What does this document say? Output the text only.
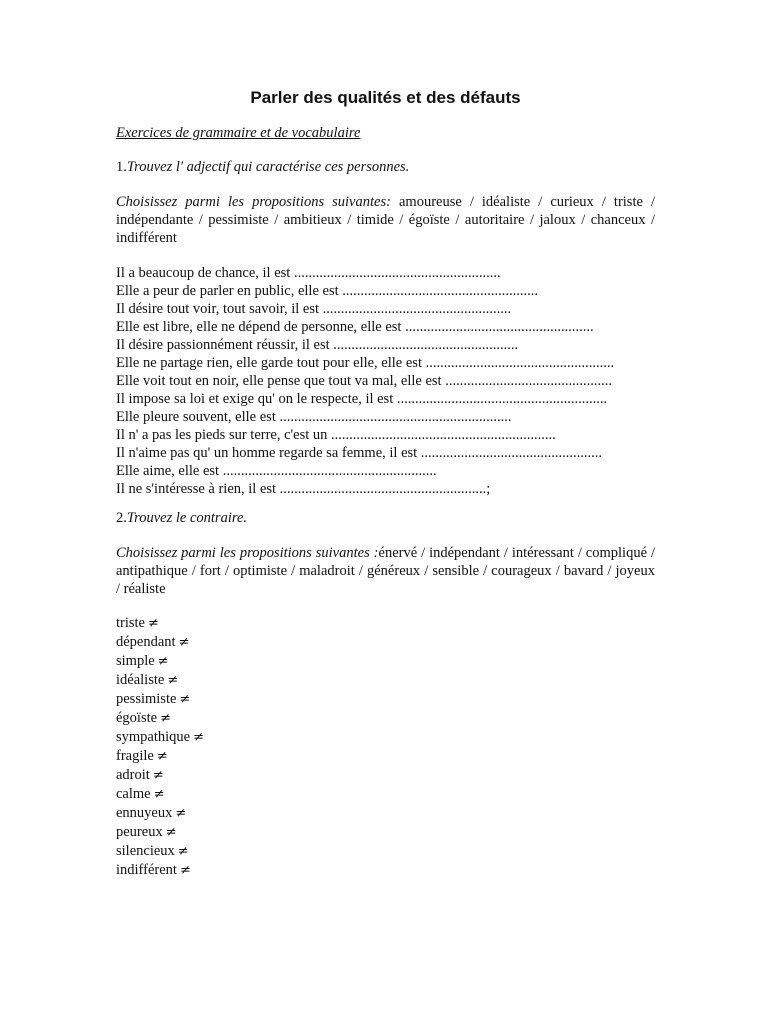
Parler des qualités et des défauts
Exercices de grammaire et de vocabulaire
1.Trouvez l' adjectif qui caractérise ces personnes.
Choisissez parmi les propositions suivantes: amoureuse / idéaliste / curieux / triste / indépendante / pessimiste / ambitieux / timide / égoïste / autoritaire / jaloux / chanceux / indifférent
Il a beaucoup de chance, il est .........................................................
Elle a peur de parler en public, elle est ......................................................
Il désire tout voir, tout savoir, il est ....................................................
Elle est libre, elle ne dépend de personne, elle est ....................................................
Il désire passionnément réussir, il est ...................................................
Elle ne partage rien, elle garde tout pour elle, elle est ....................................................
Elle voit tout en noir, elle pense que tout va mal, elle est ..............................................
Il impose sa loi et exige qu' on le respecte, il est ..........................................................
Elle pleure souvent, elle est ................................................................
Il n' a pas les pieds sur terre, c'est un ..............................................................
Il n'aime pas qu' un homme regarde sa femme, il est ..................................................
Elle aime, elle est ...........................................................
Il ne s'intéresse à rien, il est .........................................................;
2.Trouvez le contraire.
Choisissez parmi les propositions suivantes :énervé / indépendant / intéressant / compliqué / antipathique / fort / optimiste / maladroit / généreux / sensible / courageux / bavard / joyeux / réaliste
triste ≠
dépendant ≠
simple ≠
idéaliste ≠
pessimiste ≠
égoïste ≠
sympathique ≠
fragile ≠
adroit ≠
calme ≠
ennuyeux ≠
peureux ≠
silencieux ≠
indifférent ≠
